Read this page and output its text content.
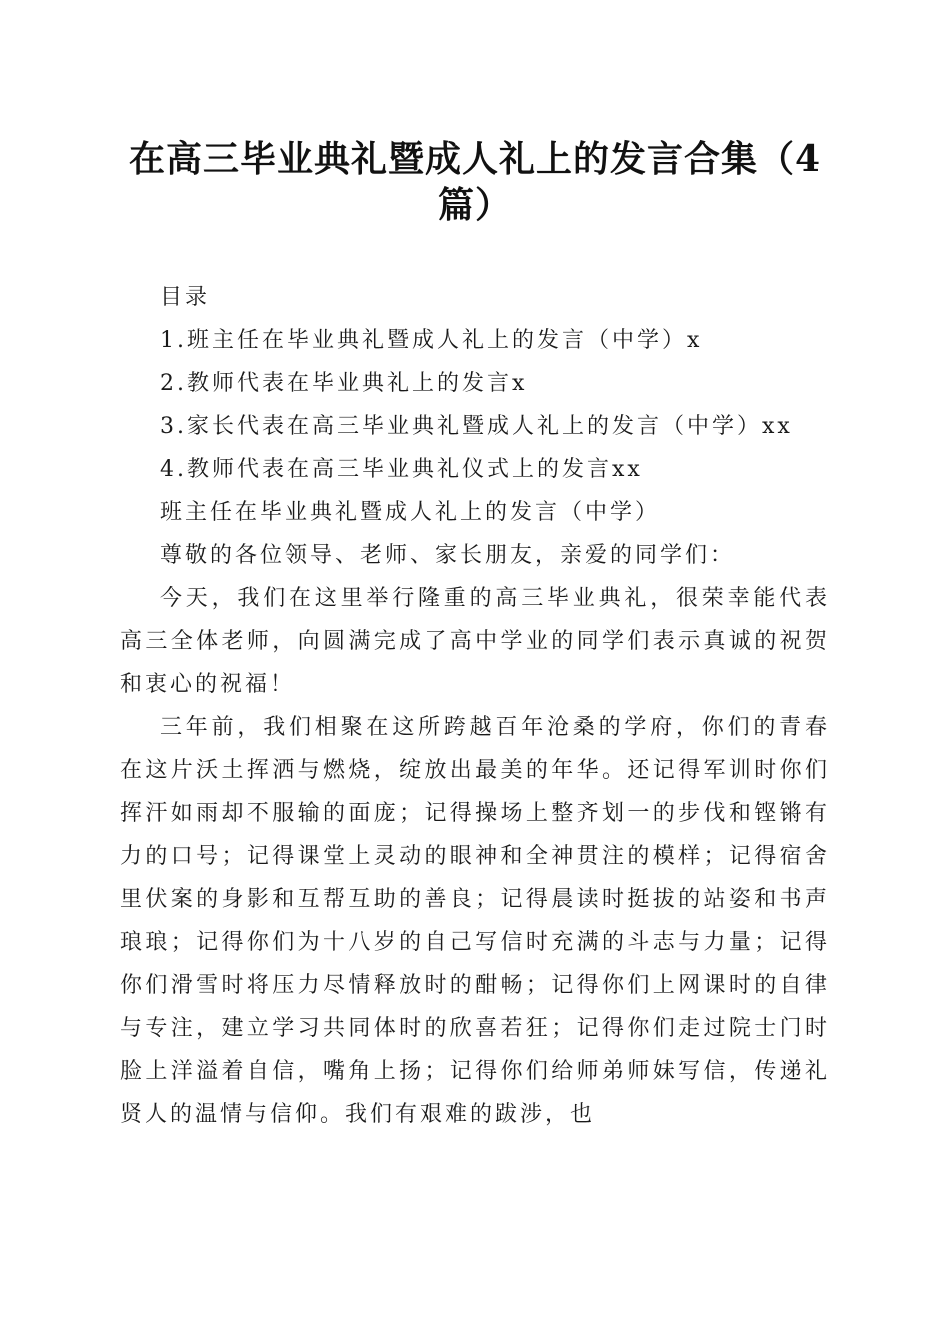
在高三毕业典礼暨成人礼上的发言合集（4篇）

目录

1.班主任在毕业典礼暨成人礼上的发言（中学）x

2.教师代表在毕业典礼上的发言x

3.家长代表在高三毕业典礼暨成人礼上的发言（中学）xx

4.教师代表在高三毕业典礼仪式上的发言xx

班主任在毕业典礼暨成人礼上的发言（中学）

尊敬的各位领导、老师、家长朋友，亲爱的同学们：

今天，我们在这里举行隆重的高三毕业典礼，很荣幸能代表高三全体老师，向圆满完成了高中学业的同学们表示真诚的祝贺和衷心的祝福！

三年前，我们相聚在这所跨越百年沧桑的学府，你们的青春在这片沃土挥洒与燃烧，绽放出最美的年华。还记得军训时你们挥汗如雨却不服输的面庞；记得操场上整齐划一的步伐和铿锵有力的口号；记得课堂上灵动的眼神和全神贯注的模样；记得宿舍里伏案的身影和互帮互助的善良；记得晨读时挺拔的站姿和书声琅琅；记得你们为十八岁的自己写信时充满的斗志与力量；记得你们滑雪时将压力尽情释放时的酣畅；记得你们上网课时的自律与专注，建立学习共同体时的欣喜若狂；记得你们走过院士门时脸上洋溢着自信，嘴角上扬；记得你们给师弟师妹写信，传递礼贤人的温情与信仰。我们有艰难的跋涉，也
